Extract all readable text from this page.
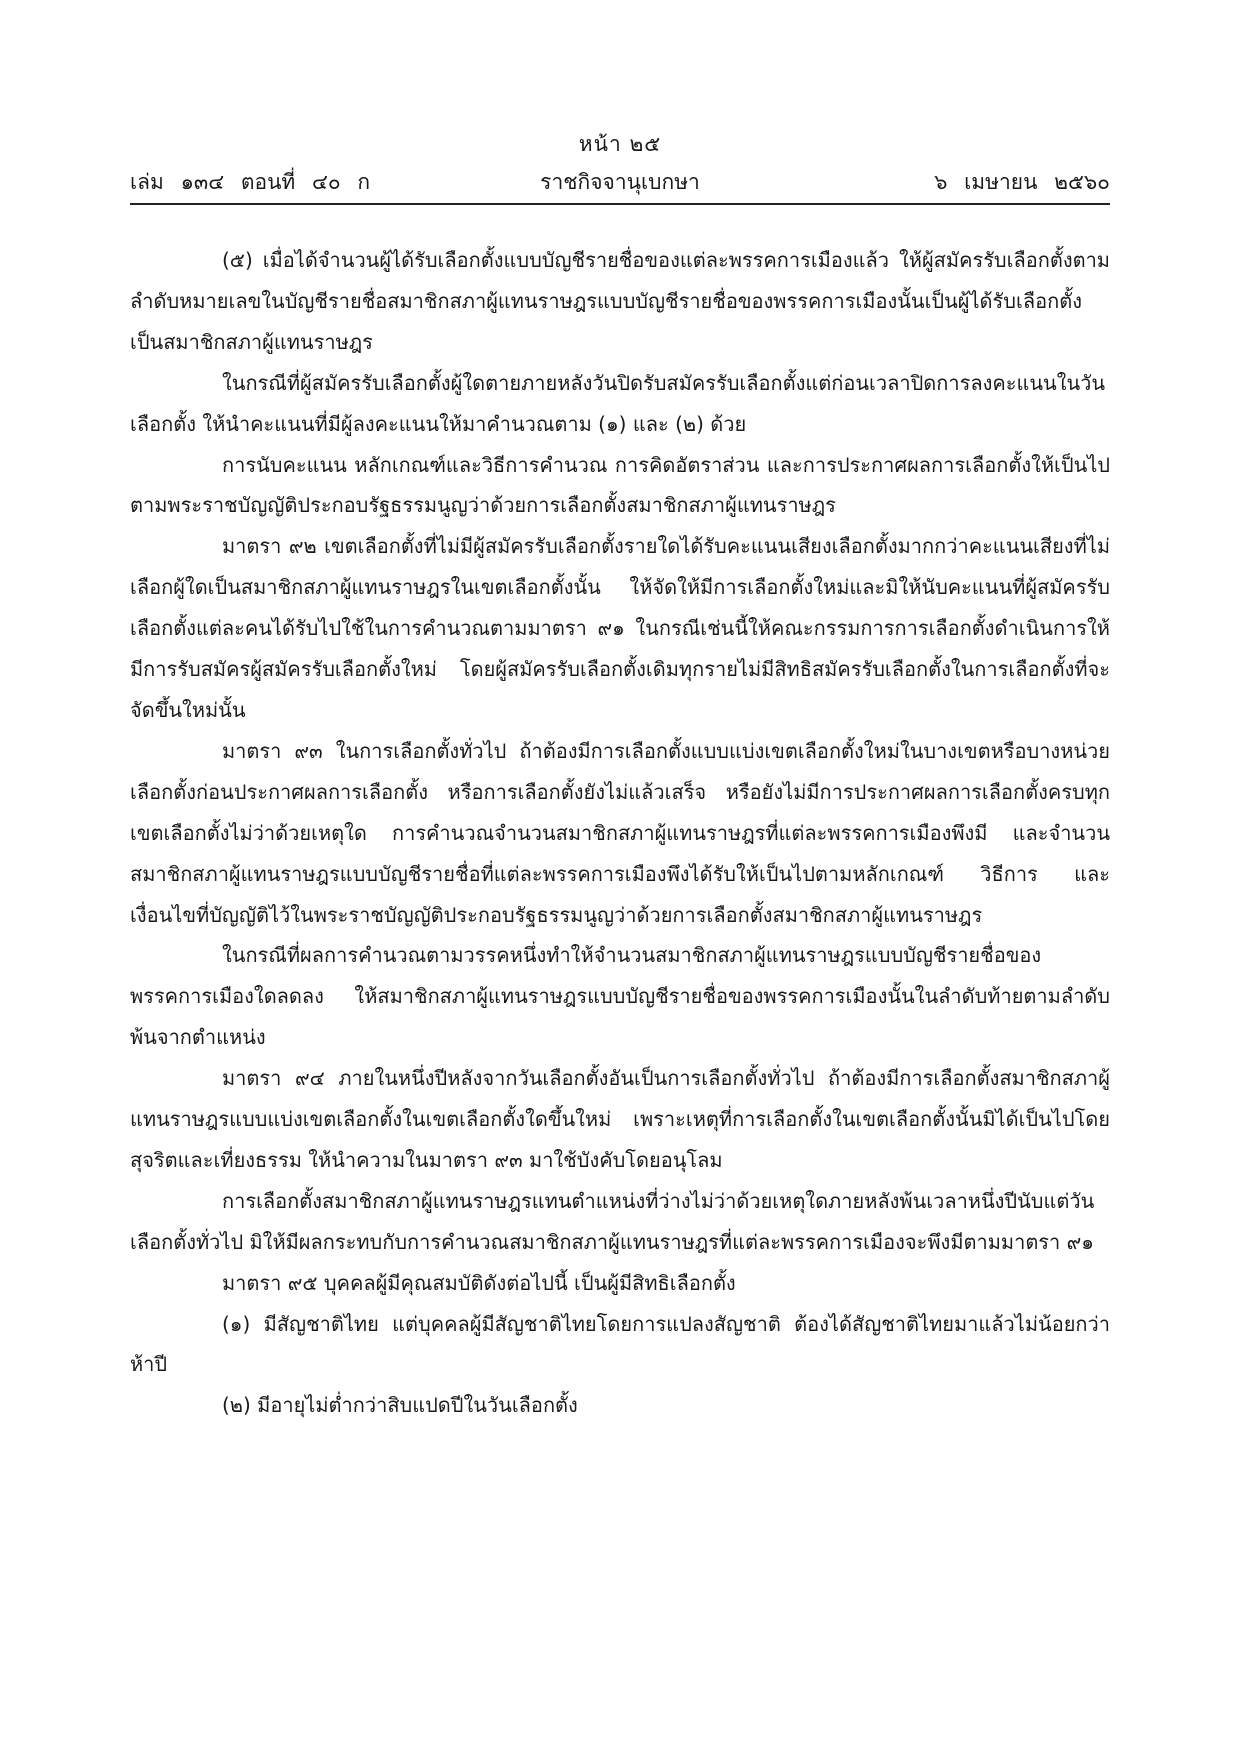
หน้า ๒๕
เล่ม ๑๓๔ ตอนที่ ๔๐ ก	ราชกิจจานุเบกษา	๖ เมษายน ๒๕๖๐

(๕) เมื่อได้จำนวนผู้ได้รับเลือกตั้งแบบบัญชีรายชื่อของแต่ละพรรคการเมืองแล้ว ให้ผู้สมัครรับเลือกตั้งตามลำดับหมายเลขในบัญชีรายชื่อสมาชิกสภาผู้แทนราษฎรแบบบัญชีรายชื่อของพรรคการเมืองนั้นเป็นผู้ได้รับเลือกตั้งเป็นสมาชิกสภาผู้แทนราษฎร

ในกรณีที่ผู้สมัครรับเลือกตั้งผู้ใดตายภายหลังวันปิดรับสมัครรับเลือกตั้งแต่ก่อนเวลาปิดการลงคะแนนในวันเลือกตั้ง ให้นำคะแนนที่มีผู้ลงคะแนนให้มาคำนวณตาม (๑) และ (๒) ด้วย

การนับคะแนน หลักเกณฑ์และวิธีการคำนวณ การคิดอัตราส่วน และการประกาศผลการเลือกตั้งให้เป็นไปตามพระราชบัญญัติประกอบรัฐธรรมนูญว่าด้วยการเลือกตั้งสมาชิกสภาผู้แทนราษฎร

มาตรา ๙๒ เขตเลือกตั้งที่ไม่มีผู้สมัครรับเลือกตั้งรายใดได้รับคะแนนเสียงเลือกตั้งมากกว่าคะแนนเสียงที่ไม่เลือกผู้ใดเป็นสมาชิกสภาผู้แทนราษฎรในเขตเลือกตั้งนั้น ให้จัดให้มีการเลือกตั้งใหม่และมิให้นับคะแนนที่ผู้สมัครรับเลือกตั้งแต่ละคนได้รับไปใช้ในการคำนวณตามมาตรา ๙๑ ในกรณีเช่นนี้ให้คณะกรรมการการเลือกตั้งดำเนินการให้มีการรับสมัครผู้สมัครรับเลือกตั้งใหม่ โดยผู้สมัครรับเลือกตั้งเดิมทุกรายไม่มีสิทธิสมัครรับเลือกตั้งในการเลือกตั้งที่จะจัดขึ้นใหม่นั้น

มาตรา ๙๓ ในการเลือกตั้งทั่วไป ถ้าต้องมีการเลือกตั้งแบบแบ่งเขตเลือกตั้งใหม่ในบางเขตหรือบางหน่วยเลือกตั้งก่อนประกาศผลการเลือกตั้ง หรือการเลือกตั้งยังไม่แล้วเสร็จ หรือยังไม่มีการประกาศผลการเลือกตั้งครบทุกเขตเลือกตั้งไม่ว่าด้วยเหตุใด การคำนวณจำนวนสมาชิกสภาผู้แทนราษฎรที่แต่ละพรรคการเมืองพึงมี และจำนวนสมาชิกสภาผู้แทนราษฎรแบบบัญชีรายชื่อที่แต่ละพรรคการเมืองพึงได้รับให้เป็นไปตามหลักเกณฑ์ วิธีการ และเงื่อนไขที่บัญญัติไว้ในพระราชบัญญัติประกอบรัฐธรรมนูญว่าด้วยการเลือกตั้งสมาชิกสภาผู้แทนราษฎร

ในกรณีที่ผลการคำนวณตามวรรคหนึ่งทำให้จำนวนสมาชิกสภาผู้แทนราษฎรแบบบัญชีรายชื่อของพรรคการเมืองใดลดลง ให้สมาชิกสภาผู้แทนราษฎรแบบบัญชีรายชื่อของพรรคการเมืองนั้นในลำดับท้ายตามลำดับพ้นจากตำแหน่ง

มาตรา ๙๔ ภายในหนึ่งปีหลังจากวันเลือกตั้งอันเป็นการเลือกตั้งทั่วไป ถ้าต้องมีการเลือกตั้งสมาชิกสภาผู้แทนราษฎรแบบแบ่งเขตเลือกตั้งในเขตเลือกตั้งใดขึ้นใหม่ เพราะเหตุที่การเลือกตั้งในเขตเลือกตั้งนั้นมิได้เป็นไปโดยสุจริตและเที่ยงธรรม ให้นำความในมาตรา ๙๓ มาใช้บังคับโดยอนุโลม

การเลือกตั้งสมาชิกสภาผู้แทนราษฎรแทนตำแหน่งที่ว่างไม่ว่าด้วยเหตุใดภายหลังพ้นเวลาหนึ่งปีนับแต่วันเลือกตั้งทั่วไป มิให้มีผลกระทบกับการคำนวณสมาชิกสภาผู้แทนราษฎรที่แต่ละพรรคการเมืองจะพึงมีตามมาตรา ๙๑

มาตรา ๙๕ บุคคลผู้มีคุณสมบัติดังต่อไปนี้ เป็นผู้มีสิทธิเลือกตั้ง

(๑) มีสัญชาติไทย แต่บุคคลผู้มีสัญชาติไทยโดยการแปลงสัญชาติ ต้องได้สัญชาติไทยมาแล้วไม่น้อยกว่าห้าปี

(๒) มีอายุไม่ต่ำกว่าสิบแปดปีในวันเลือกตั้ง
